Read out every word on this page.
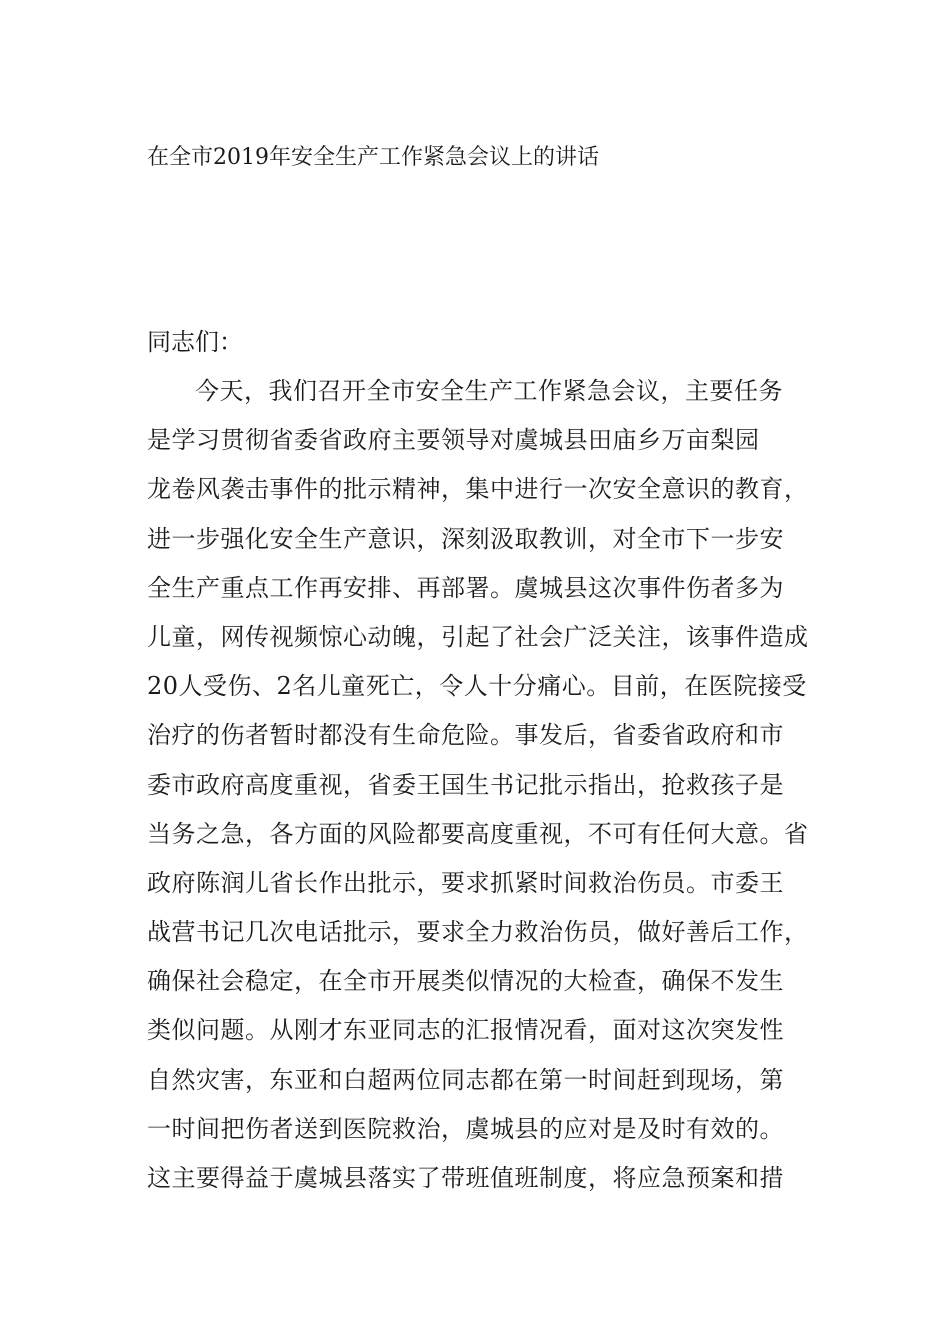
在全市2019年安全生产工作紧急会议上的讲话
同志们：
今天，我们召开全市安全生产工作紧急会议，主要任务
是学习贯彻省委省政府主要领导对虞城县田庙乡万亩梨园
龙卷风袭击事件的批示精神，集中进行一次安全意识的教育，
进一步强化安全生产意识，深刻汲取教训，对全市下一步安
全生产重点工作再安排、再部署。虞城县这次事件伤者多为
儿童，网传视频惊心动魄，引起了社会广泛关注，该事件造成
20人受伤、2名儿童死亡，令人十分痛心。目前，在医院接受
治疗的伤者暂时都没有生命危险。事发后，省委省政府和市
委市政府高度重视，省委王国生书记批示指出，抢救孩子是
当务之急，各方面的风险都要高度重视，不可有任何大意。省
政府陈润儿省长作出批示，要求抓紧时间救治伤员。市委王
战营书记几次电话批示，要求全力救治伤员，做好善后工作，
确保社会稳定，在全市开展类似情况的大检查，确保不发生
类似问题。从刚才东亚同志的汇报情况看，面对这次突发性
自然灾害，东亚和白超两位同志都在第一时间赶到现场，第
一时间把伤者送到医院救治，虞城县的应对是及时有效的。
这主要得益于虞城县落实了带班值班制度，将应急预案和措
